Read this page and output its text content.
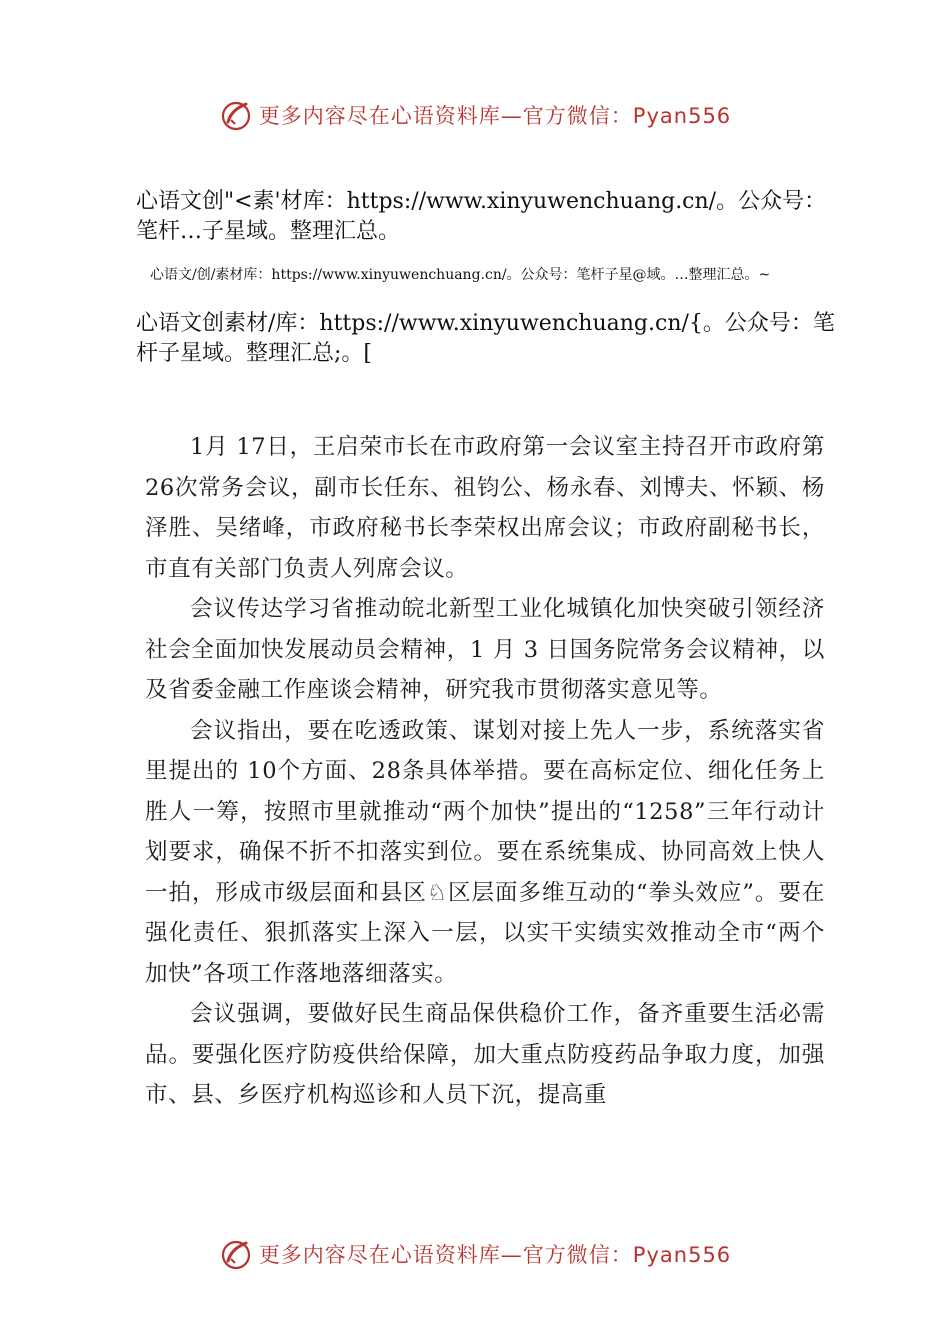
更多内容尽在心语资料库—官方微信：Pyan556
心语文创"<素'材库：https://www.xinyuwenchuang.cn/。公众号：笔杆…子星域。整理汇总。
心语文/创/素材库：https://www.xinyuwenchuang.cn/。公众号：笔杆子星@域。…整理汇总。~
心语文创素材/库：https://www.xinyuwenchuang.cn/{。公众号：笔杆子星域。整理汇总;。[

1月 17日，王启荣市长在市政府第一会议室主持召开市政府第 26次常务会议，副市长任东、祖钧公、杨永春、刘博夫、怀颖、杨泽胜、吴绪峰，市政府秘书长李荣权出席会议；市政府副秘书长，市直有关部门负责人列席会议。

会议传达学习省推动皖北新型工业化城镇化加快突破引领经济社会全面加快发展动员会精神，1 月 3 日国务院常务会议精神，以及省委金融工作座谈会精神，研究我市贯彻落实意见等。

会议指出，要在吃透政策、谋划对接上先人一步，系统落实省里提出的 10个方面、28条具体举措。要在高标定位、细化任务上胜人一筹，按照市里就推动“两个加快”提出的“1258”三年行动计划要求，确保不折不扣落实到位。要在系统集成、协同高效上快人一拍，形成市级层面和县区♘区层面多维互动的“拳头效应”。要在强化责任、狠抓落实上深入一层，以实干实绩实效推动全市“两个加快”各项工作落地落细落实。

会议强调，要做好民生商品保供稳价工作，备齐重要生活必需品。要强化医疗防疫供给保障，加大重点防疫药品争取力度，加强市、县、乡医疗机构巡诊和人员下沉，提高重

更多内容尽在心语资料库—官方微信：Pyan556
